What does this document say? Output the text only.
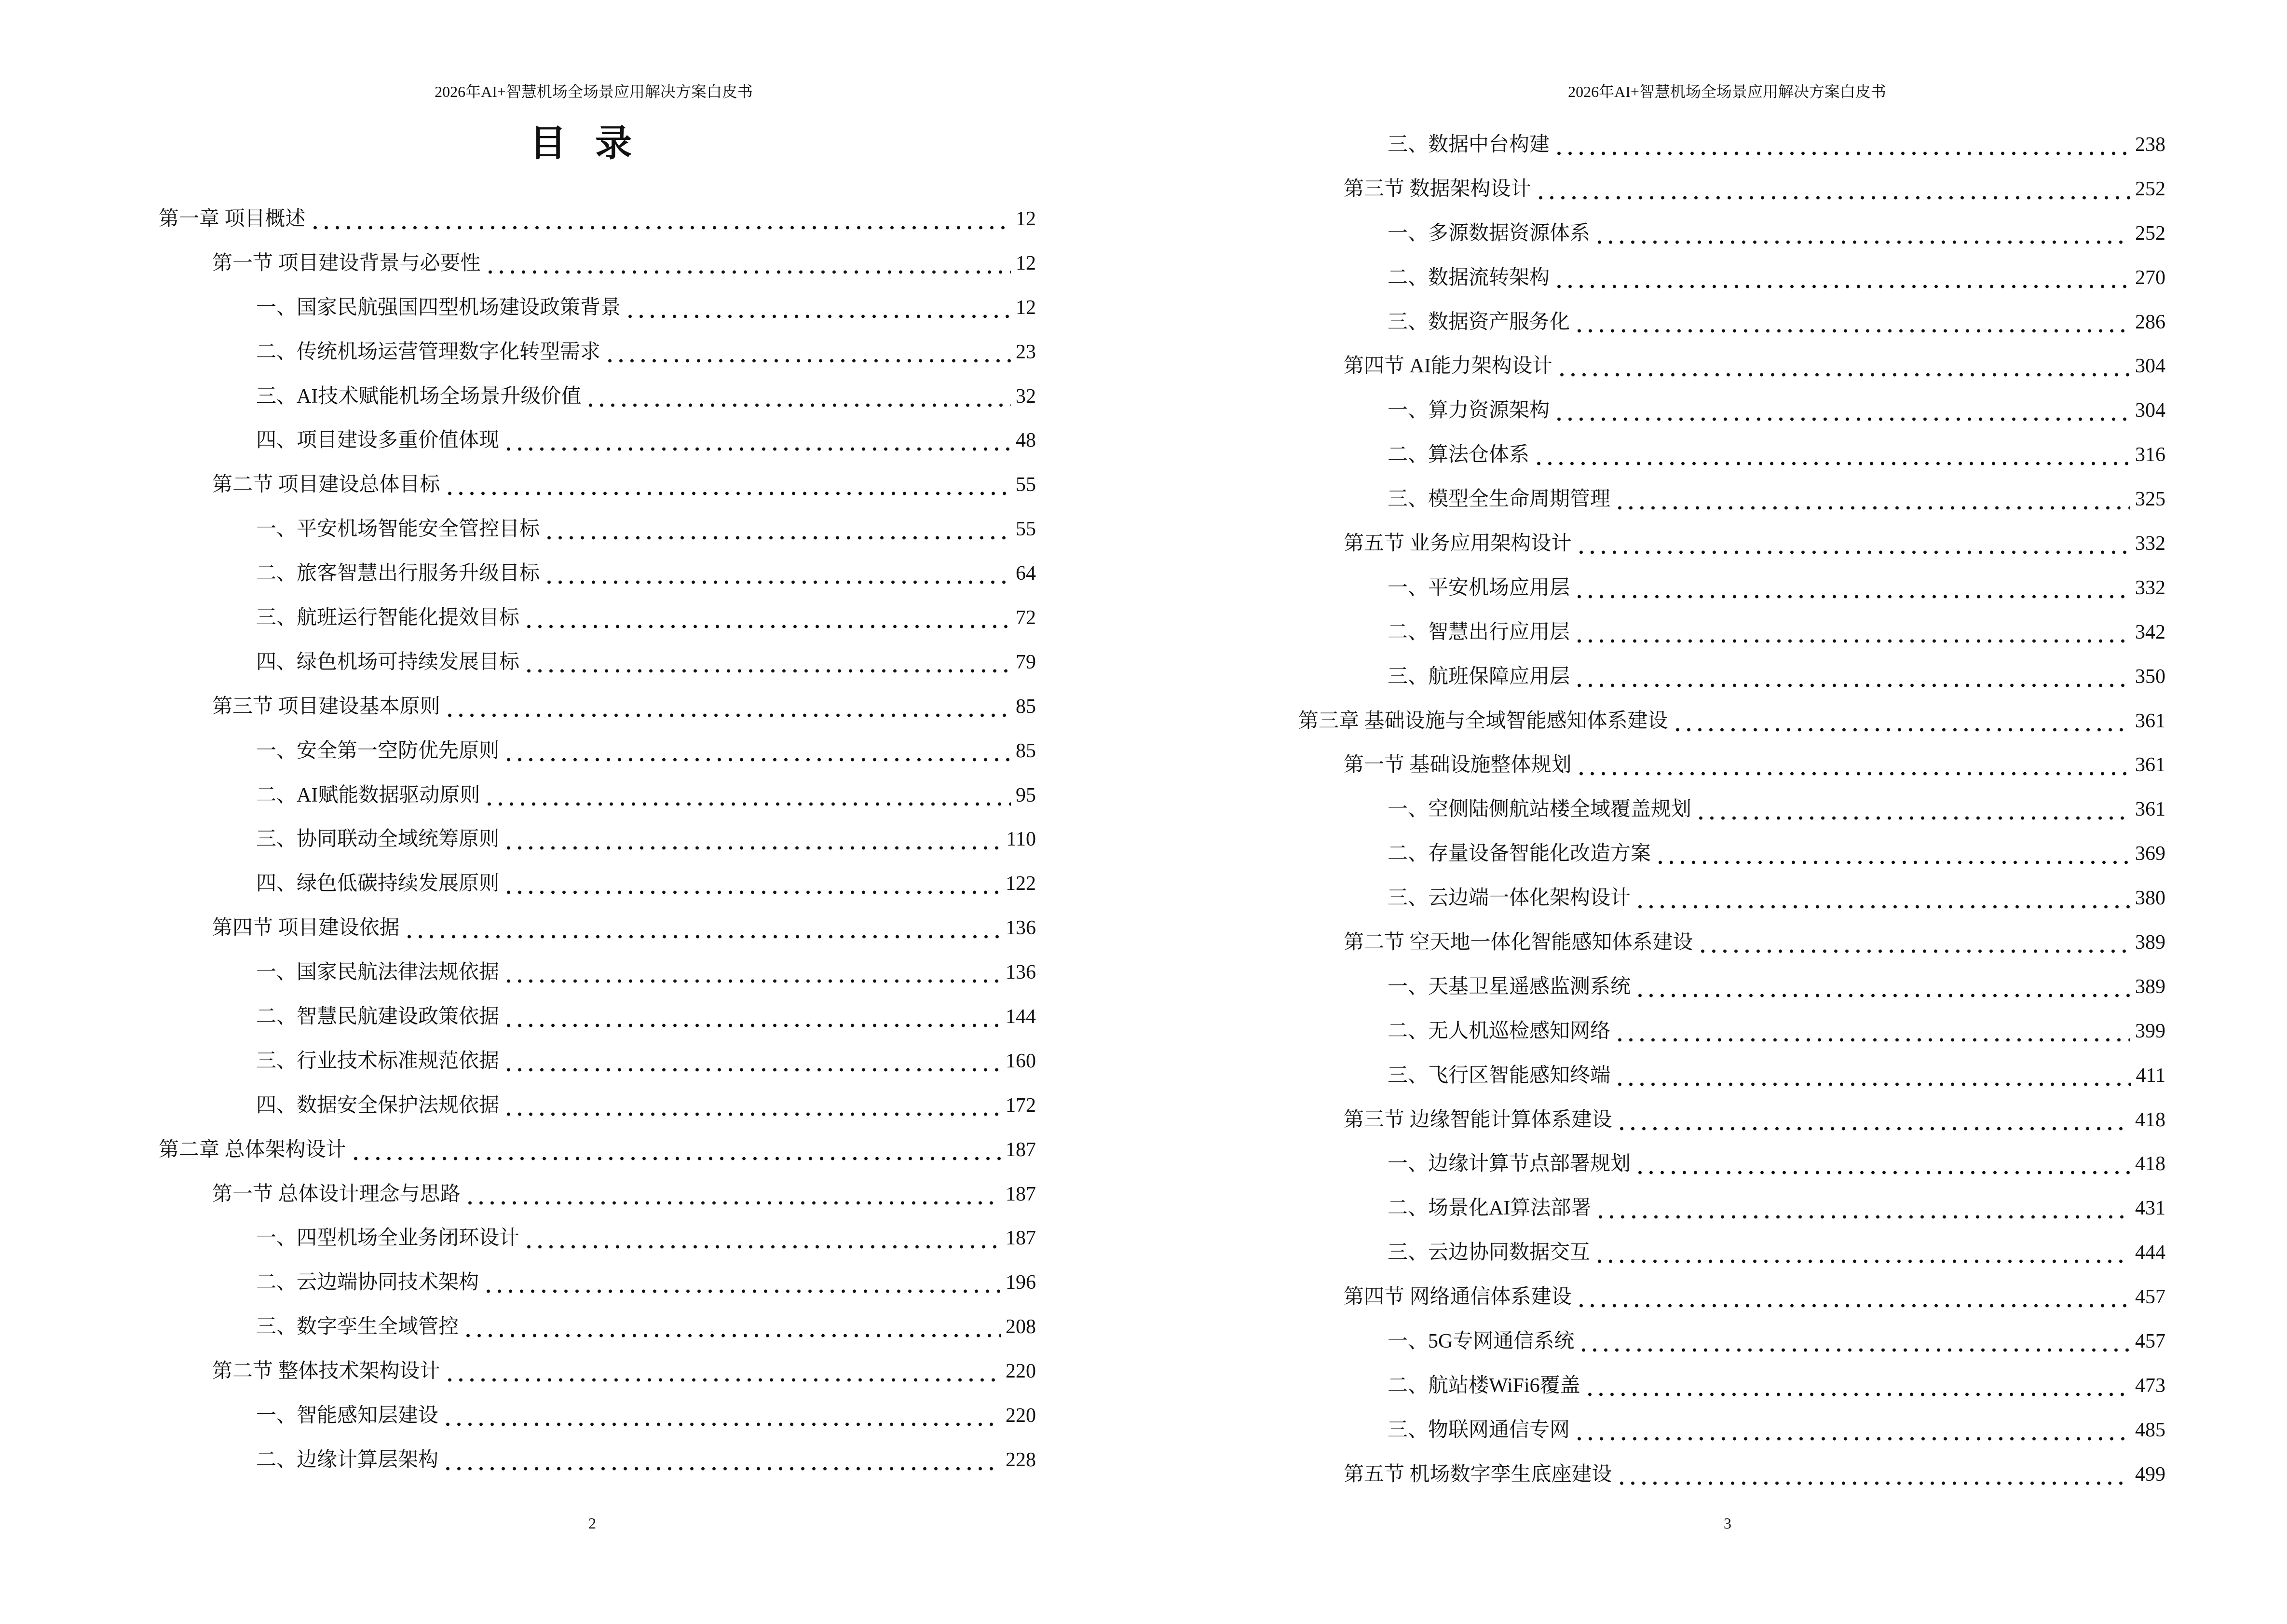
2026年AI+智慧机场全场景应用解决方案白皮书
目录
第一章 项目概述	12
第一节 项目建设背景与必要性	12
一、国家民航强国四型机场建设政策背景	12
二、传统机场运营管理数字化转型需求	23
三、AI技术赋能机场全场景升级价值	32
四、项目建设多重价值体现	48
第二节 项目建设总体目标	55
一、平安机场智能安全管控目标	55
二、旅客智慧出行服务升级目标	64
三、航班运行智能化提效目标	72
四、绿色机场可持续发展目标	79
第三节 项目建设基本原则	85
一、安全第一空防优先原则	85
二、AI赋能数据驱动原则	95
三、协同联动全域统筹原则	110
四、绿色低碳持续发展原则	122
第四节 项目建设依据	136
一、国家民航法律法规依据	136
二、智慧民航建设政策依据	144
三、行业技术标准规范依据	160
四、数据安全保护法规依据	172
第二章 总体架构设计	187
第一节 总体设计理念与思路	187
一、四型机场全业务闭环设计	187
二、云边端协同技术架构	196
三、数字孪生全域管控	208
第二节 整体技术架构设计	220
一、智能感知层建设	220
二、边缘计算层架构	228
2
2026年AI+智慧机场全场景应用解决方案白皮书
三、数据中台构建	238
第三节 数据架构设计	252
一、多源数据资源体系	252
二、数据流转架构	270
三、数据资产服务化	286
第四节 AI能力架构设计	304
一、算力资源架构	304
二、算法仓体系	316
三、模型全生命周期管理	325
第五节 业务应用架构设计	332
一、平安机场应用层	332
二、智慧出行应用层	342
三、航班保障应用层	350
第三章 基础设施与全域智能感知体系建设	361
第一节 基础设施整体规划	361
一、空侧陆侧航站楼全域覆盖规划	361
二、存量设备智能化改造方案	369
三、云边端一体化架构设计	380
第二节 空天地一体化智能感知体系建设	389
一、天基卫星遥感监测系统	389
二、无人机巡检感知网络	399
三、飞行区智能感知终端	411
第三节 边缘智能计算体系建设	418
一、边缘计算节点部署规划	418
二、场景化AI算法部署	431
三、云边协同数据交互	444
第四节 网络通信体系建设	457
一、5G专网通信系统	457
二、航站楼WiFi6覆盖	473
三、物联网通信专网	485
第五节 机场数字孪生底座建设	499
3
